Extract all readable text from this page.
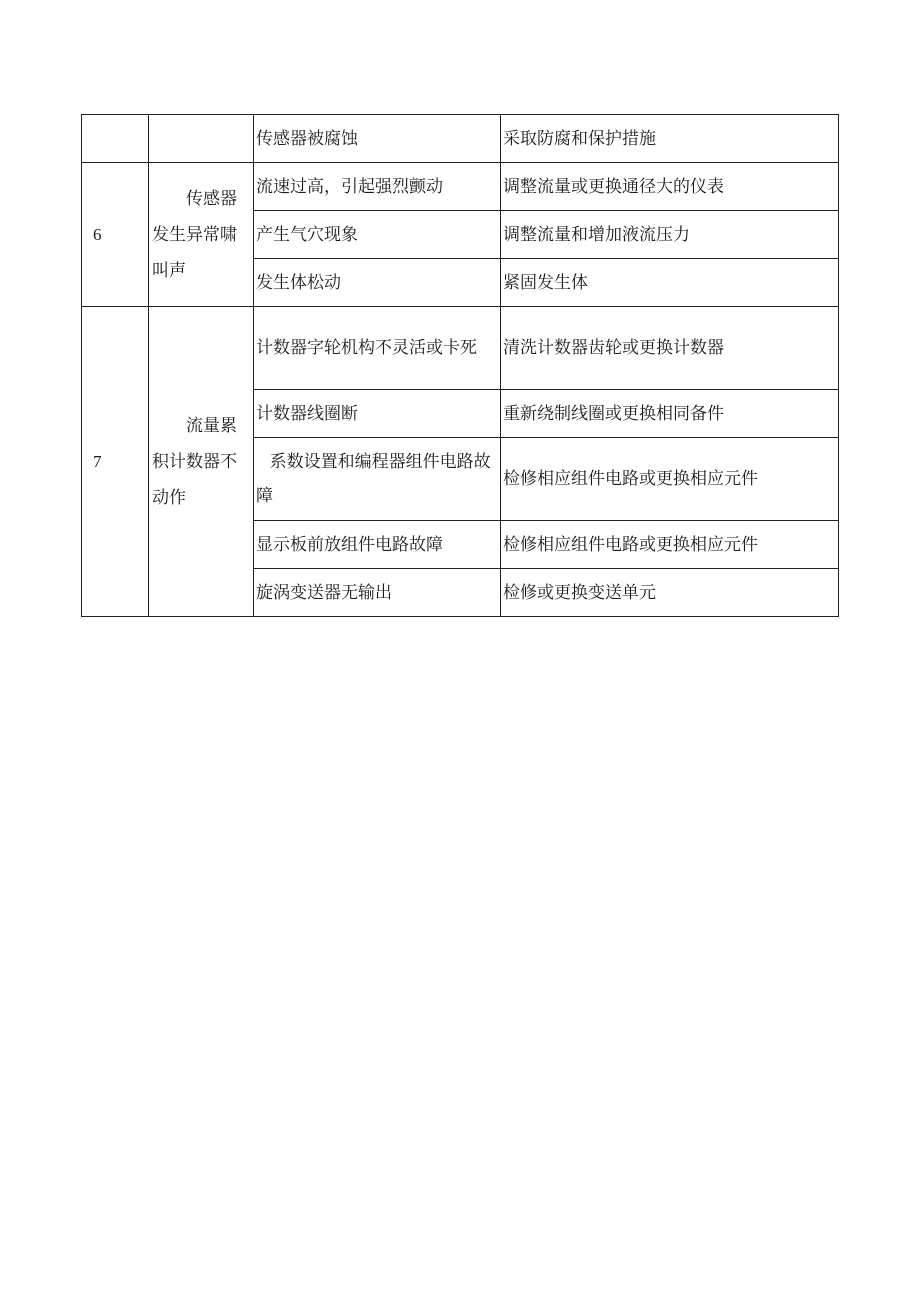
		传感器被腐蚀	采取防腐和保护措施
6	传感器发生异常啸叫声	流速过高，引起强烈颤动	调整流量或更换通径大的仪表
		产生气穴现象	调整流量和增加液流压力
		发生体松动	紧固发生体
7	流量累积计数器不动作	计数器字轮机构不灵活或卡死	清洗计数器齿轮或更换计数器
		计数器线圈断	重新绕制线圈或更换相同备件
		系数设置和编程器组件电路故障	检修相应组件电路或更换相应元件
		显示板前放组件电路故障	检修相应组件电路或更换相应元件
		旋涡变送器无输出	检修或更换变送单元
